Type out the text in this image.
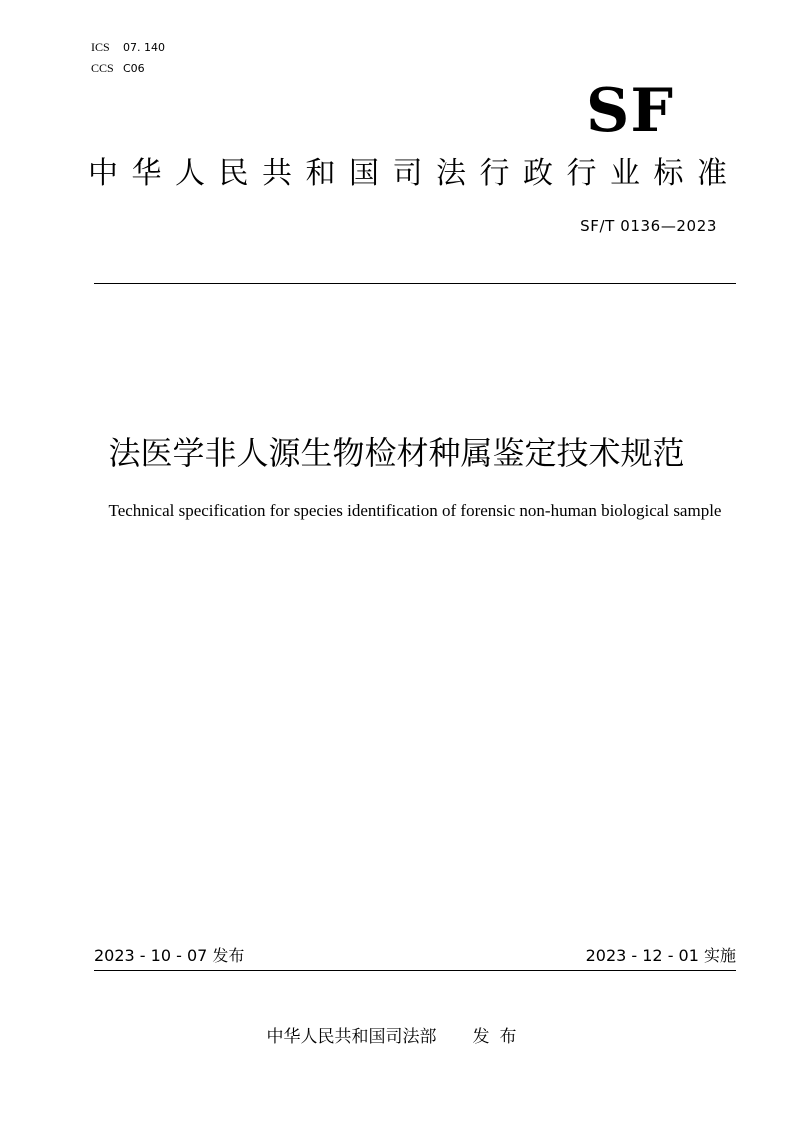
ICS 07. 140
CCS C06
SF
中 华 人 民 共 和 国 司 法 行 政 行 业 标 准
SF/T 0136—2023
法医学非人源生物检材种属鉴定技术规范
Technical specification for species identification of forensic non-human biological sample
2023 - 10 - 07 发布	2023 - 12 - 01 实施
中华人民共和国司法部 发布
